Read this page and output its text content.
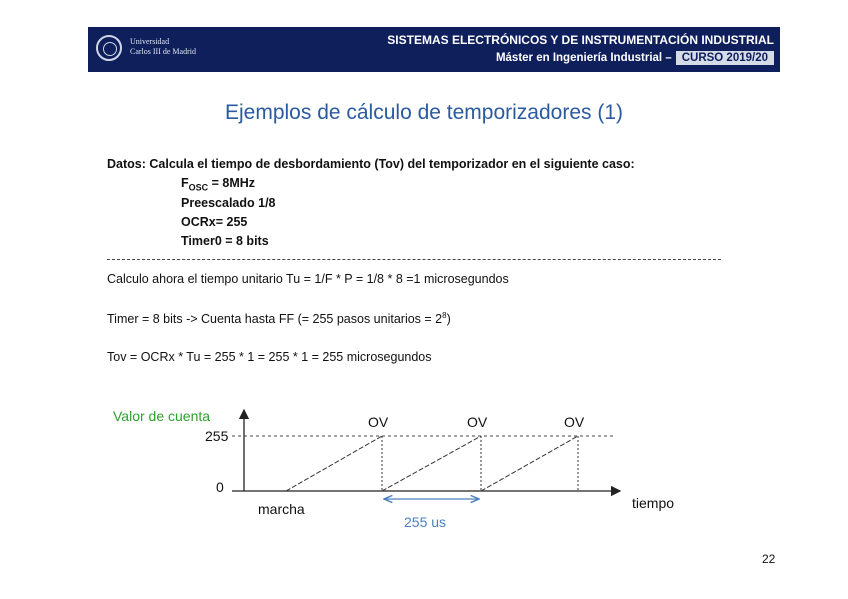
Universidad
Carlos III de Madrid
SISTEMAS ELECTRÓNICOS Y DE INSTRUMENTACIÓN INDUSTRIAL
Máster en Ingeniería Industrial – CURSO 2019/20
Ejemplos de cálculo de temporizadores (1)
Datos: Calcula el tiempo de desbordamiento (Tov) del temporizador en el siguiente caso:
$F_{OSC} = 8MHz$
Preescalado 1/8
OCRx= 255
Timer0 = 8 bits
Calculo ahora el tiempo unitario Tu = 1/F * P = 1/8 * 8 =1 microsegundos
Timer = 8 bits -> Cuenta hasta FF (= 255 pasos unitarios = $2^8$)
Tov = OCRx * Tu = 255 * 1 = 255 * 1 = 255 microsegundos
Valor de cuenta
255
0
OV	OV	OV
marcha	tiempo
255 us
22
